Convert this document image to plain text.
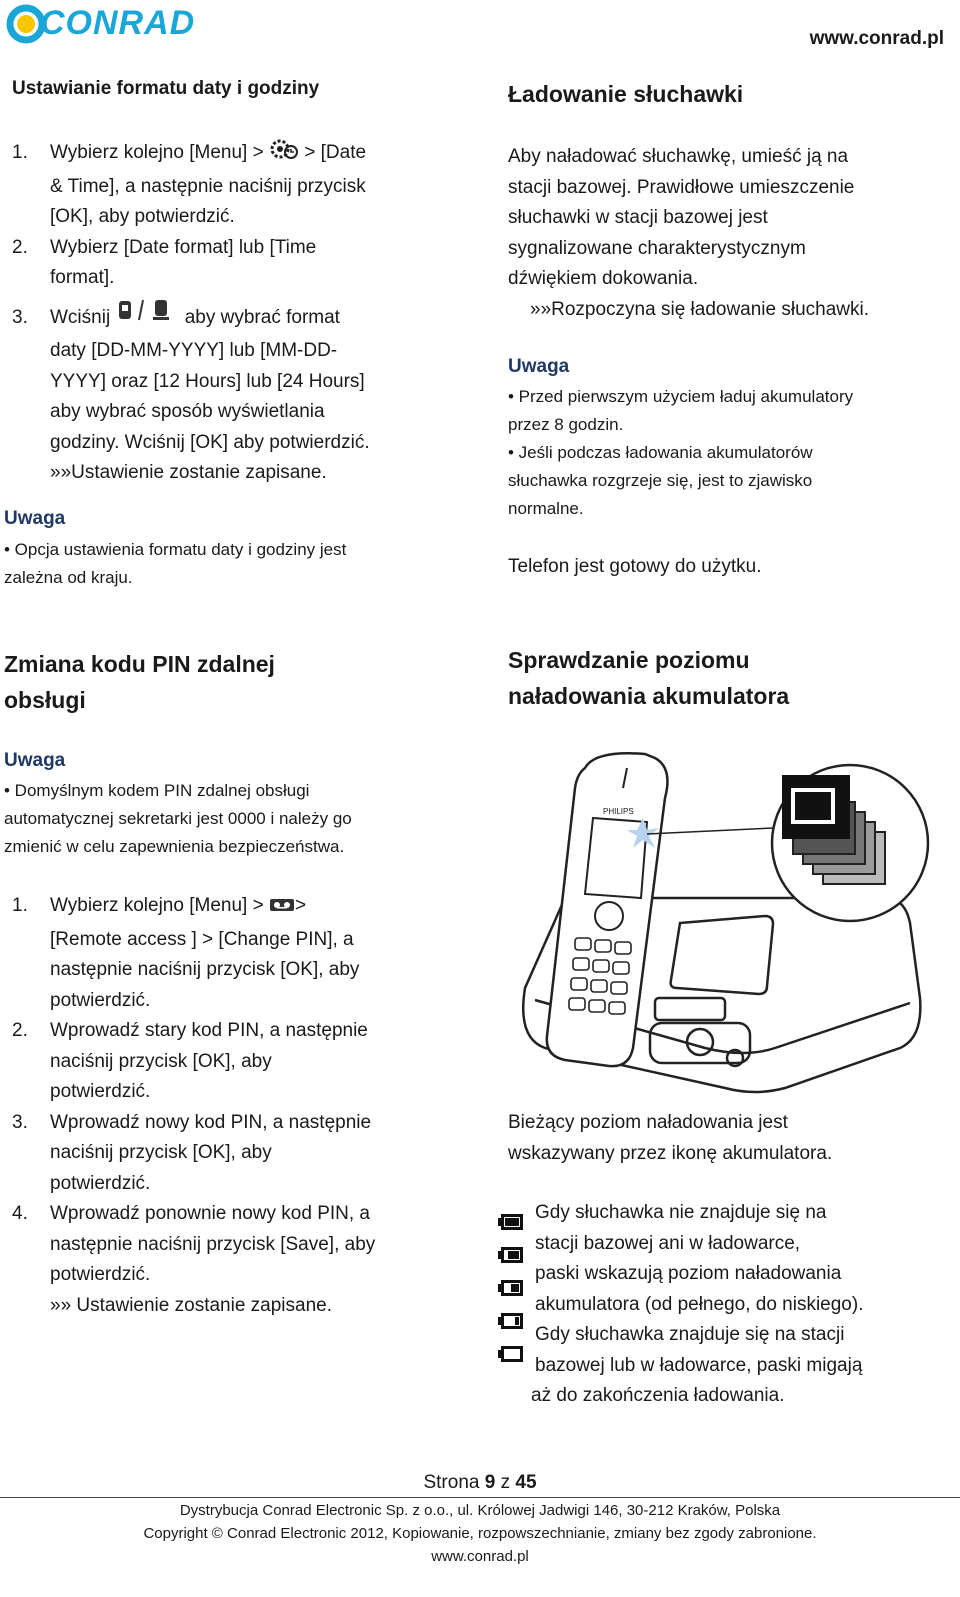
CONRAD	www.conrad.pl
Ustawianie formatu daty i godziny
1. Wybierz kolejno [Menu] > > [Date
& Time], a następnie naciśnij przycisk
[OK], aby potwierdzić.
2. Wybierz [Date format] lub [Time
format].
3. Wciśnij	aby wybrać format
daty [DD-MM-YYYY] lub [MM-DD-
YYYY] oraz [12 Hours] lub [24 Hours]
aby wybrać sposób wyświetlania
godziny. Wciśnij [OK] aby potwierdzić.
»»Ustawienie zostanie zapisane.
Uwaga
• Opcja ustawienia formatu daty i godziny jest
zależna od kraju.
Ładowanie słuchawki
Aby naładować słuchawkę, umieść ją na
stacji bazowej. Prawidłowe umieszczenie
słuchawki w stacji bazowej jest
sygnalizowane charakterystycznym
dźwiękiem dokowania.
»»Rozpoczyna się ładowanie słuchawki.
Uwaga
• Przed pierwszym użyciem ładuj akumulatory
przez 8 godzin.
• Jeśli podczas ładowania akumulatorów
słuchawka rozgrzeje się, jest to zjawisko
normalne.
Telefon jest gotowy do użytku.
Zmiana kodu PIN zdalnej
obsługi
Uwaga
• Domyślnym kodem PIN zdalnej obsługi
automatycznej sekretarki jest 0000 i należy go
zmienić w celu zapewnienia bezpieczeństwa.
1. Wybierz kolejno [Menu] > >
[Remote access ] > [Change PIN], a
następnie naciśnij przycisk [OK], aby
potwierdzić.
2. Wprowadź stary kod PIN, a następnie
naciśnij przycisk [OK], aby
potwierdzić.
3. Wprowadź nowy kod PIN, a następnie
naciśnij przycisk [OK], aby
potwierdzić.
4. Wprowadź ponownie nowy kod PIN, a
następnie naciśnij przycisk [Save], aby
potwierdzić.
»» Ustawienie zostanie zapisane.
Sprawdzanie poziomu
naładowania akumulatora
PHILIPS
Bieżący poziom naładowania jest
wskazywany przez ikonę akumulatora.
Gdy słuchawka nie znajduje się na
stacji bazowej ani w ładowarce,
paski wskazują poziom naładowania
akumulatora (od pełnego, do niskiego).
Gdy słuchawka znajduje się na stacji
bazowej lub w ładowarce, paski migają
aż do zakończenia ładowania.
Strona 9 z 45
Dystrybucja Conrad Electronic Sp. z o.o., ul. Królowej Jadwigi 146, 30-212 Kraków, Polska
Copyright © Conrad Electronic 2012, Kopiowanie, rozpowszechnianie, zmiany bez zgody zabronione.
www.conrad.pl
